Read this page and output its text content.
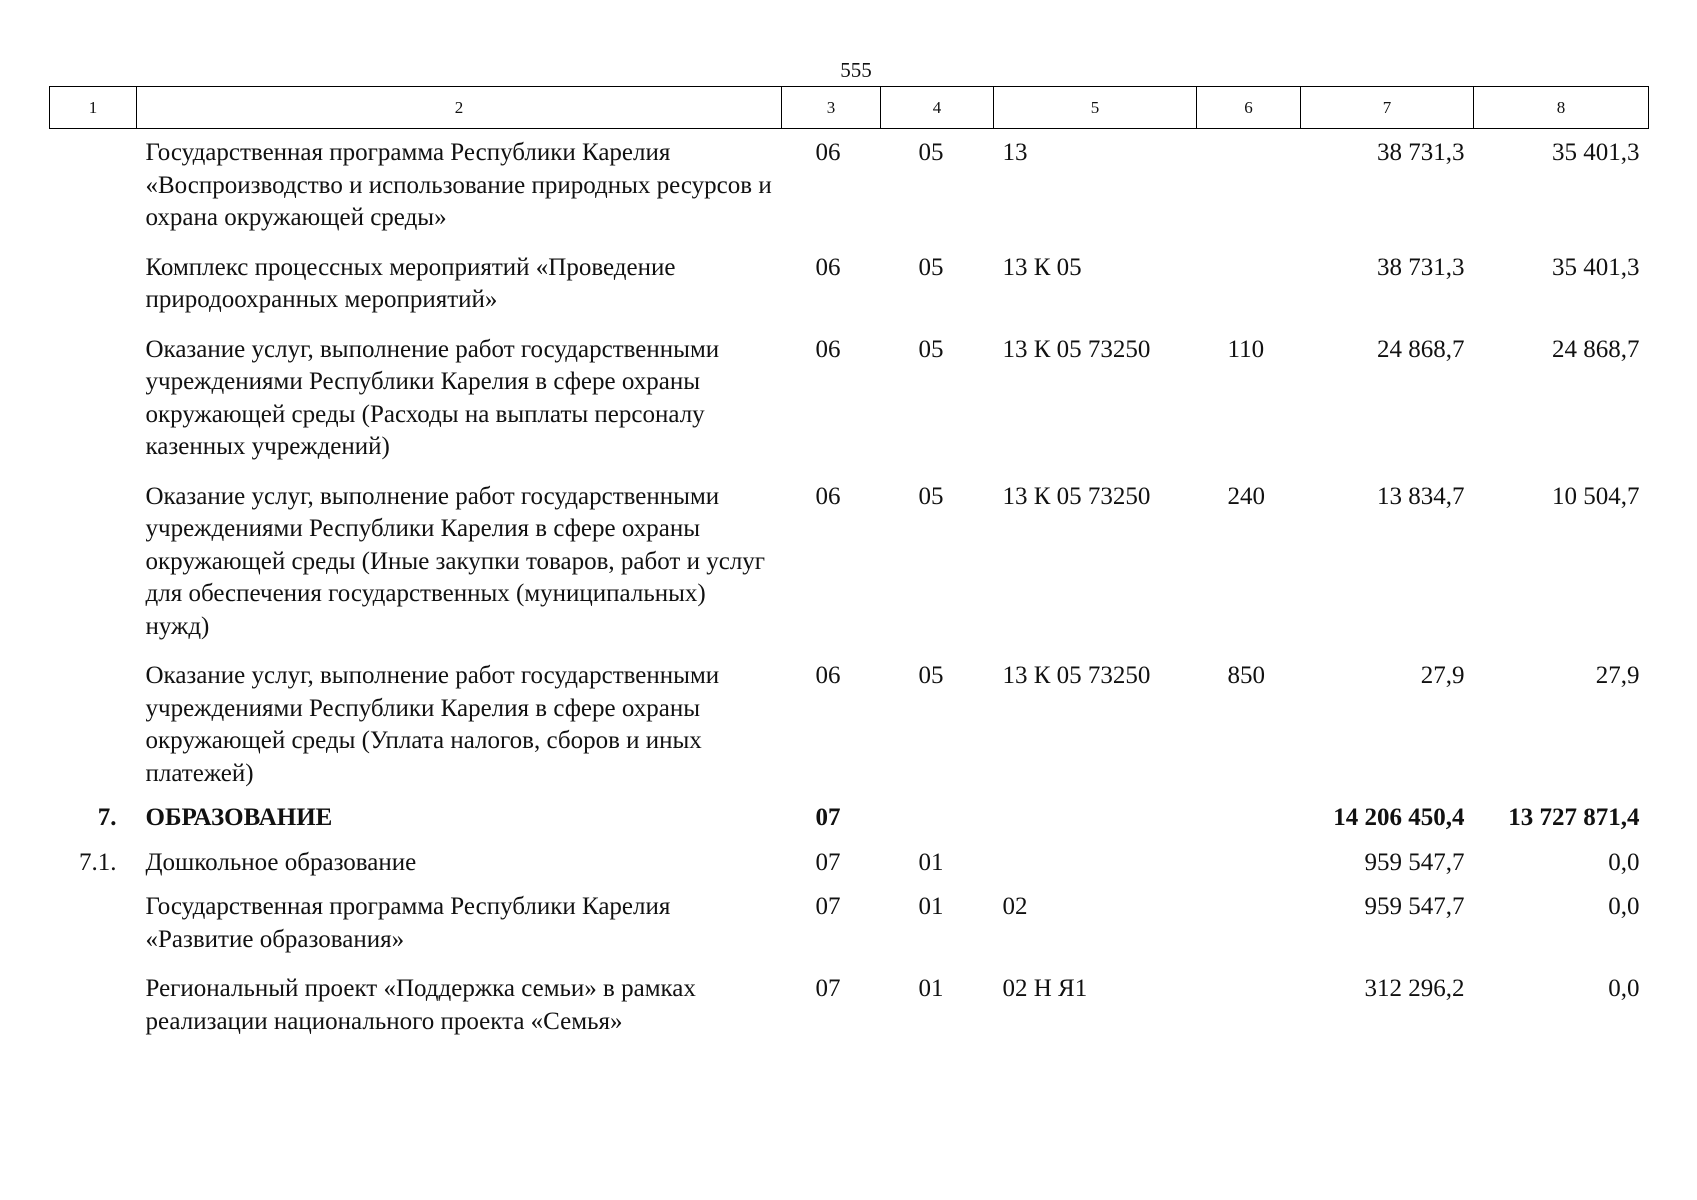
555
1	2	3	4	5	6	7	8
	Государственная программа Республики Карелия «Воспроизводство и использование природных ресурсов и охрана окружающей среды»	06	05	13		38 731,3	35 401,3
	Комплекс процессных мероприятий «Проведение природоохранных мероприятий»	06	05	13 К 05		38 731,3	35 401,3
	Оказание услуг, выполнение работ государственными учреждениями Республики Карелия в сфере охраны окружающей среды (Расходы на выплаты персоналу казенных учреждений)	06	05	13 К 05 73250	110	24 868,7	24 868,7
	Оказание услуг, выполнение работ государственными учреждениями Республики Карелия в сфере охраны окружающей среды (Иные закупки товаров, работ и услуг для обеспечения государственных (муниципальных) нужд)	06	05	13 К 05 73250	240	13 834,7	10 504,7
	Оказание услуг, выполнение работ государственными учреждениями Республики Карелия в сфере охраны окружающей среды (Уплата налогов, сборов и иных платежей)	06	05	13 К 05 73250	850	27,9	27,9
7.	ОБРАЗОВАНИЕ	07				14 206 450,4	13 727 871,4
7.1.	Дошкольное образование	07	01			959 547,7	0,0
	Государственная программа Республики Карелия «Развитие образования»	07	01	02		959 547,7	0,0
	Региональный проект «Поддержка семьи» в рамках реализации национального проекта «Семья»	07	01	02 Н Я1		312 296,2	0,0
